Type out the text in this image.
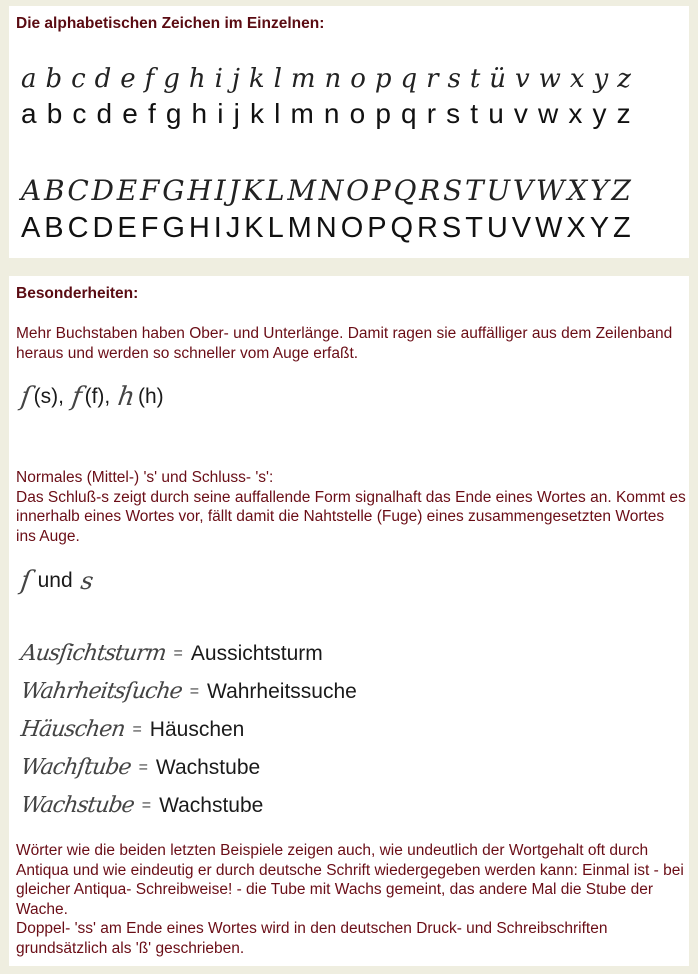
Die alphabetischen Zeichen im Einzelnen:
a b c d e f g h i j k l m n o p q r s t ü v w x y z
a b c d e f g h i j k l m n o p q r s t u v w x y z
A B C D E F G H I J K L M N O P Q R S T U V W X Y Z
A B C D E F G H I J K L M N O P Q R S T U V W X Y Z
Besonderheiten:
Mehr Buchstaben haben Ober- und Unterlänge. Damit ragen sie auffälliger aus dem Zeilenband heraus und werden so schneller vom Auge erfaßt.
ſ (s), f (f), h (h)
Normales (Mittel-) 's' und Schluss- 's':
Das Schluß-s zeigt durch seine auffallende Form signalhaft das Ende eines Wortes an. Kommt es innerhalb eines Wortes vor, fällt damit die Nahtstelle (Fuge) eines zusammengesetzten Wortes ins Auge.
ſ und s
Ausſichtsturm = Aussichtsturm
Wahrheitsſuche = Wahrheitssuche
Häuschen = Häuschen
Wachſtube = Wachstube
Wachstube = Wachstube
Wörter wie die beiden letzten Beispiele zeigen auch, wie undeutlich der Wortgehalt oft durch Antiqua und wie eindeutig er durch deutsche Schrift wiedergegeben werden kann: Einmal ist - bei gleicher Antiqua- Schreibweise! - die Tube mit Wachs gemeint, das andere Mal die Stube der Wache.
Doppel- 'ss' am Ende eines Wortes wird in den deutschen Druck- und Schreibschriften grundsätzlich als 'ß' geschrieben.
